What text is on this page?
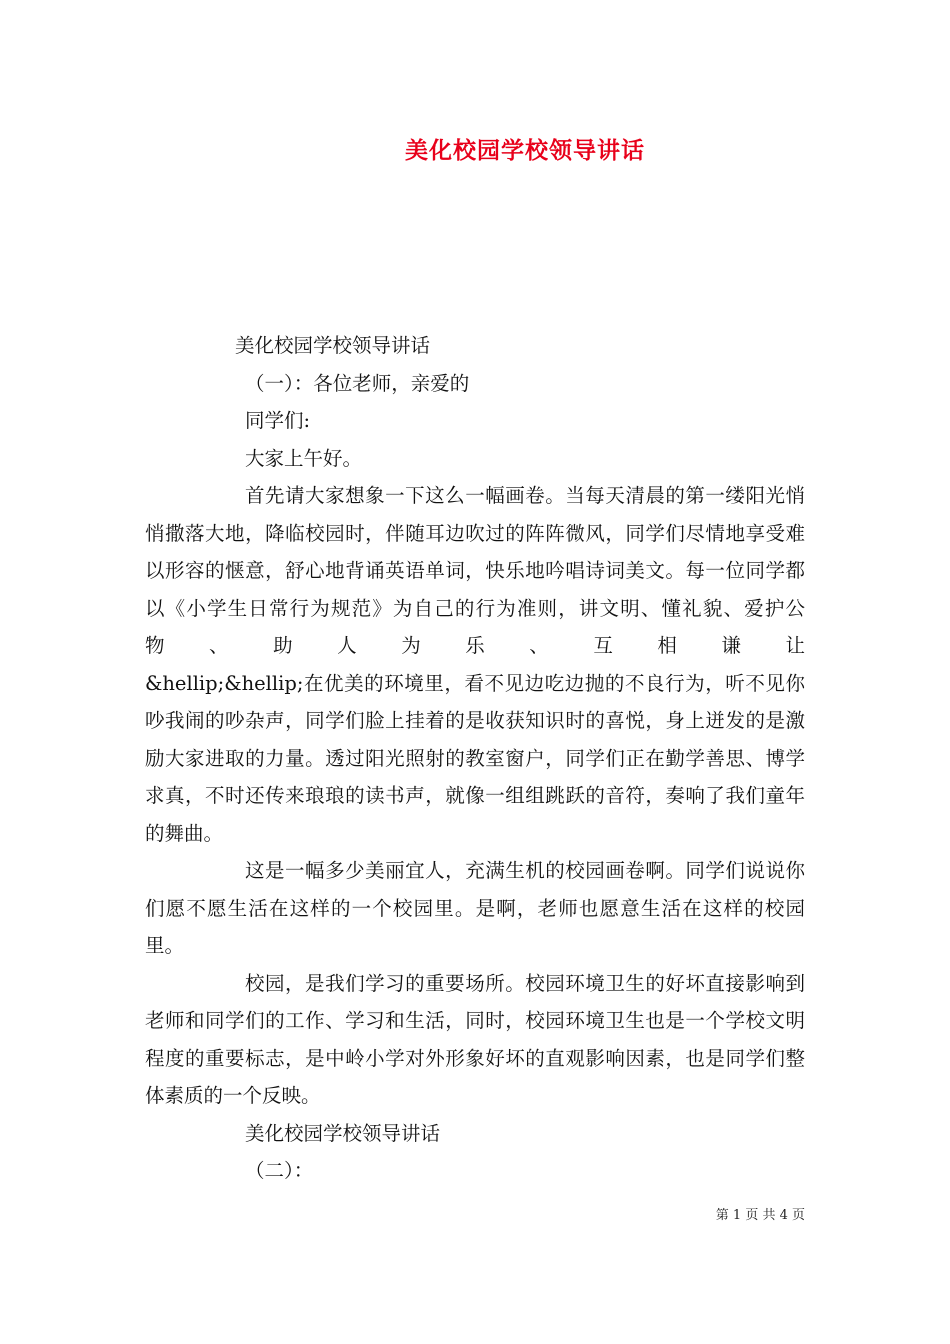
美化校园学校领导讲话

美化校园学校领导讲话

（一）：各位老师，亲爱的

同学们:

大家上午好。

首先请大家想象一下这么一幅画卷。当每天清晨的第一缕阳光悄悄撒落大地，降临校园时，伴随耳边吹过的阵阵微风，同学们尽情地享受难以形容的惬意，舒心地背诵英语单词，快乐地吟唱诗词美文。每一位同学都以《小学生日常行为规范》为自己的行为准则，讲文明、懂礼貌、爱护公物、助人为乐、互相谦让

&hellip;&hellip;在优美的环境里，看不见边吃边抛的不良行为，听不见你吵我闹的吵杂声，同学们脸上挂着的是收获知识时的喜悦，身上迸发的是激励大家进取的力量。透过阳光照射的教室窗户，同学们正在勤学善思、博学求真，不时还传来琅琅的读书声，就像一组组跳跃的音符，奏响了我们童年的舞曲。

这是一幅多少美丽宜人，充满生机的校园画卷啊。同学们说说你们愿不愿生活在这样的一个校园里。是啊，老师也愿意生活在这样的校园里。

校园，是我们学习的重要场所。校园环境卫生的好坏直接影响到老师和同学们的工作、学习和生活，同时，校园环境卫生也是一个学校文明程度的重要标志，是中岭小学对外形象好坏的直观影响因素，也是同学们整体素质的一个反映。

美化校园学校领导讲话

（二）：

第 1 页 共 4 页
